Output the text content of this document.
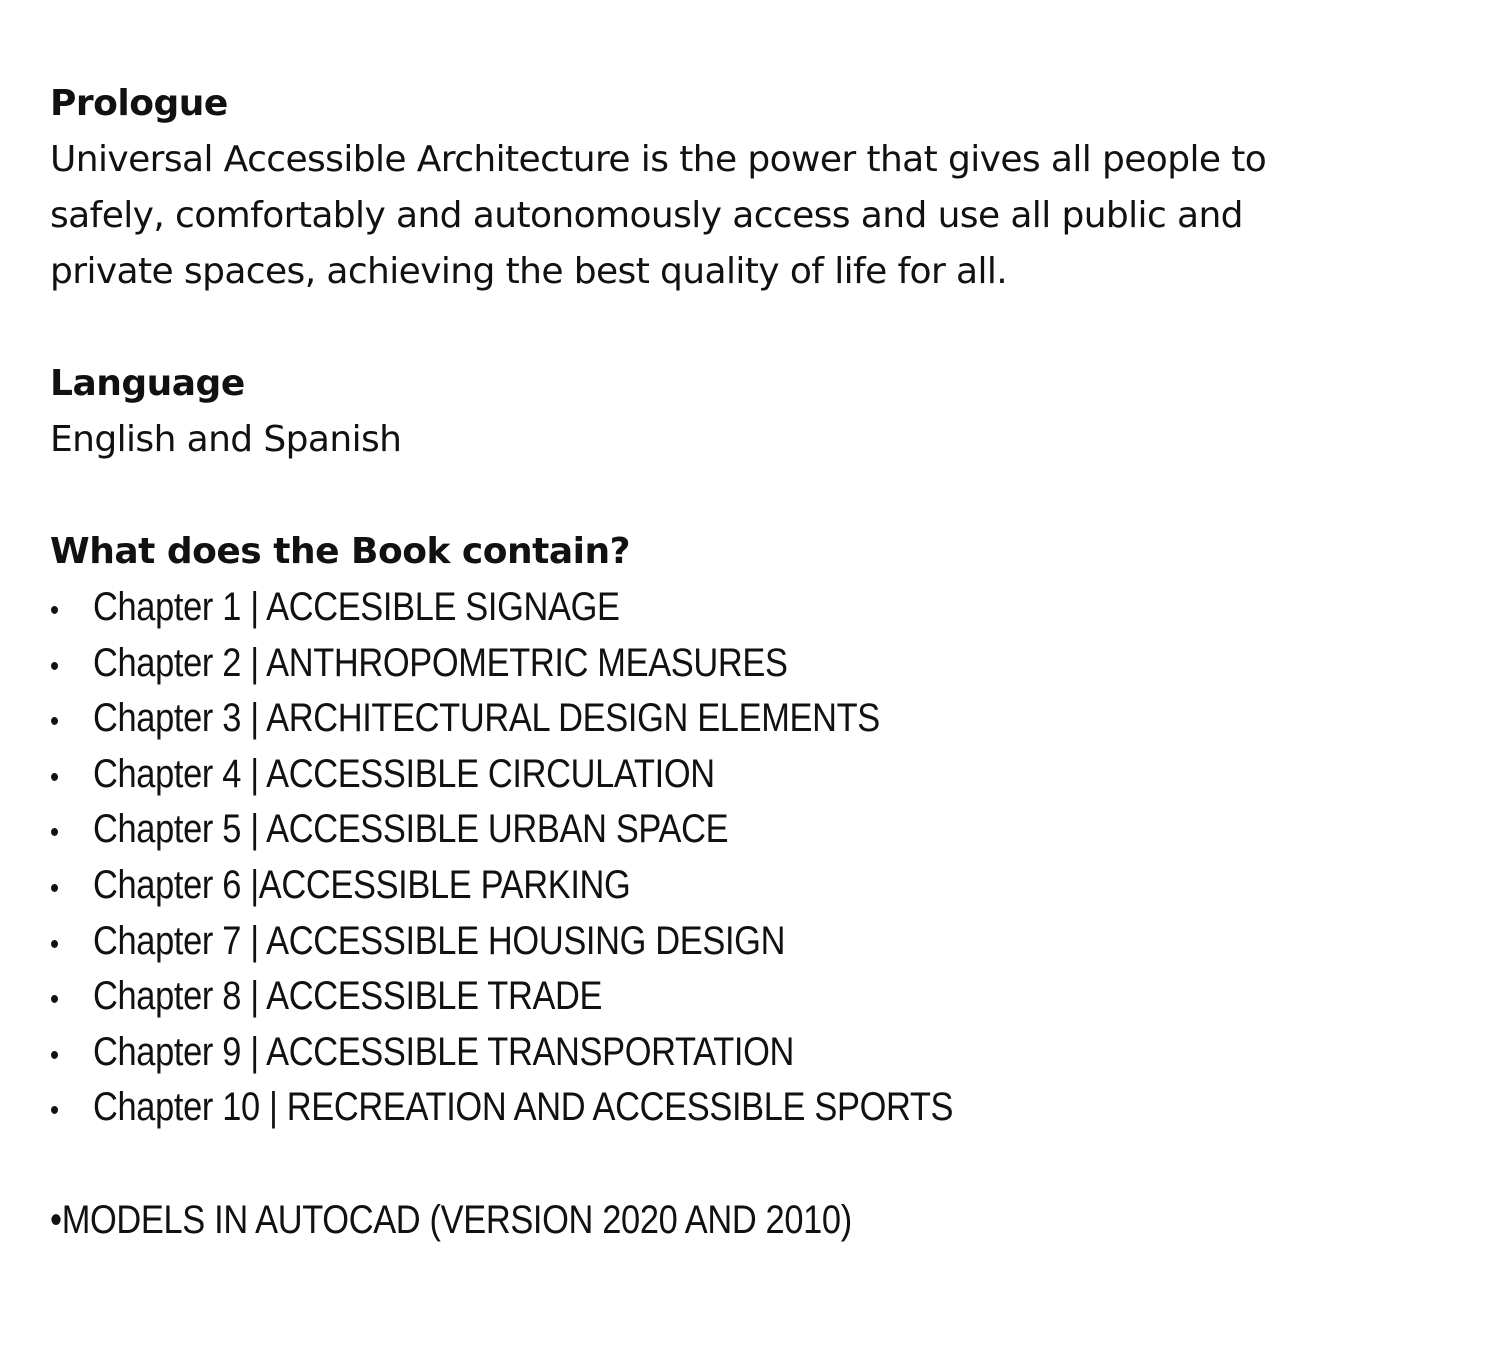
Prologue

Universal Accessible Architecture is the power that gives all people to

safely, comfortably and autonomously access and use all public and

private spaces, achieving the best quality of life for all.

Language

English and Spanish

What does the Book contain?
• Chapter 1 | ACCESIBLE SIGNAGE
• Chapter 2 | ANTHROPOMETRIC MEASURES
• Chapter 3 | ARCHITECTURAL DESIGN ELEMENTS
• Chapter 4 | ACCESSIBLE CIRCULATION
• Chapter 5 | ACCESSIBLE URBAN SPACE
• Chapter 6 |ACCESSIBLE PARKING
• Chapter 7 | ACCESSIBLE HOUSING DESIGN
• Chapter 8 | ACCESSIBLE TRADE
• Chapter 9 | ACCESSIBLE TRANSPORTATION
• Chapter 10 | RECREATION AND ACCESSIBLE SPORTS

•MODELS IN AUTOCAD (VERSION 2020 AND 2010)
